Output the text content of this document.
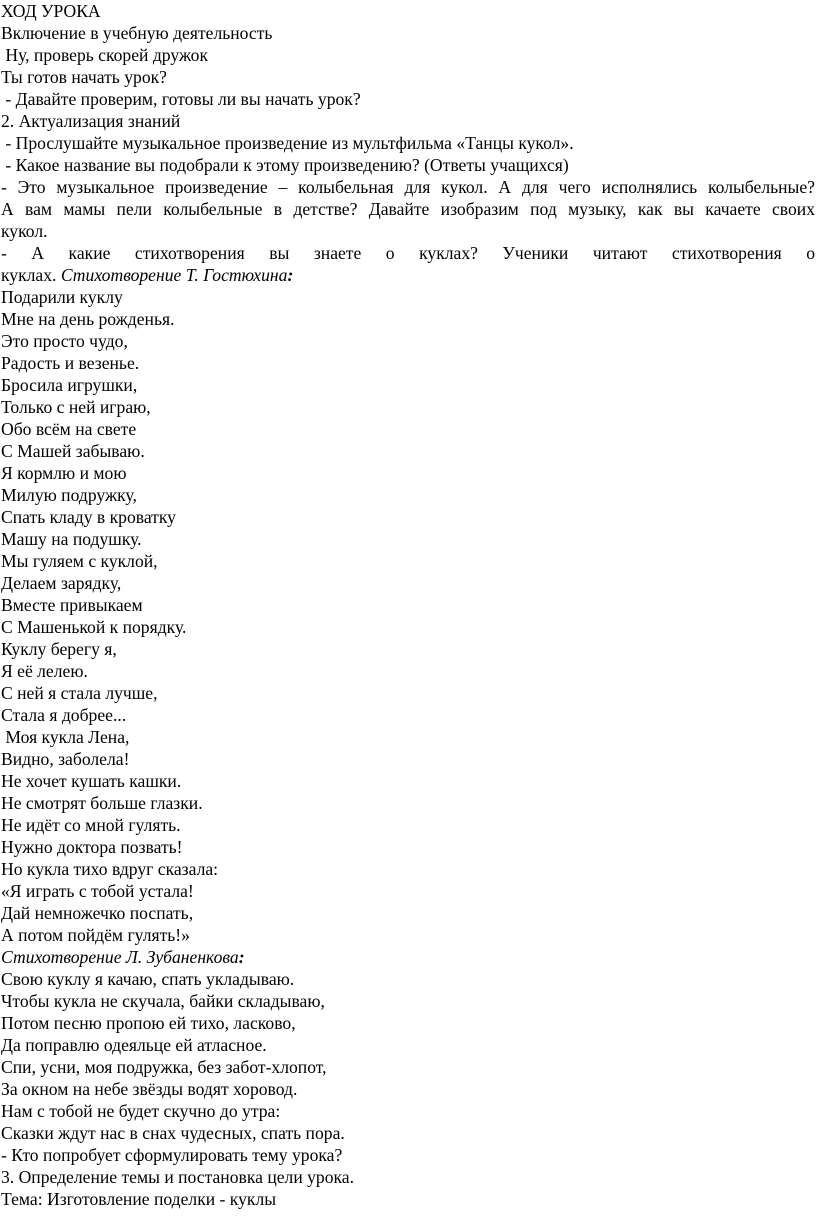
ХОД УРОКА
Включение в учебную деятельность
Ну, проверь скорей дружок
Ты готов начать урок?
- Давайте проверим, готовы ли вы начать урок?
2. Актуализация знаний
- Прослушайте музыкальное произведение из мультфильма «Танцы кукол».
- Какое название вы подобрали к этому произведению? (Ответы учащихся)
- Это музыкальное произведение – колыбельная для кукол. А для чего исполнялись колыбельные?
А вам мамы пели колыбельные в детстве? Давайте изобразим под музыку, как вы качаете своих
кукол.
- А какие стихотворения вы знаете о куклах? Ученики читают стихотворения о
куклах. Стихотворение Т. Гостюхина:
Подарили куклу
Мне на день рожденья.
Это просто чудо,
Радость и везенье.
Бросила игрушки,
Только с ней играю,
Обо всём на свете
С Машей забываю.
Я кормлю и мою
Милую подружку,
Спать кладу в кроватку
Машу на подушку.
Мы гуляем с куклой,
Делаем зарядку,
Вместе привыкаем
С Машенькой к порядку.
Куклу берегу я,
Я её лелею.
С ней я стала лучше,
Стала я добрее...
Моя кукла Лена,
Видно, заболела!
Не хочет кушать кашки.
Не смотрят больше глазки.
Не идёт со мной гулять.
Нужно доктора позвать!
Но кукла тихо вдруг сказала:
«Я играть с тобой устала!
Дай немножечко поспать,
А потом пойдём гулять!»
Стихотворение Л. Зубаненкова:
Свою куклу я качаю, спать укладываю.
Чтобы кукла не скучала, байки складываю,
Потом песню пропою ей тихо, ласково,
Да поправлю одеяльце ей атласное.
Спи, усни, моя подружка, без забот-хлопот,
За окном на небе звёзды водят хоровод.
Нам с тобой не будет скучно до утра:
Сказки ждут нас в снах чудесных, спать пора.
- Кто попробует сформулировать тему урока?
3. Определение темы и постановка цели урока.
Тема: Изготовление поделки - куклы
